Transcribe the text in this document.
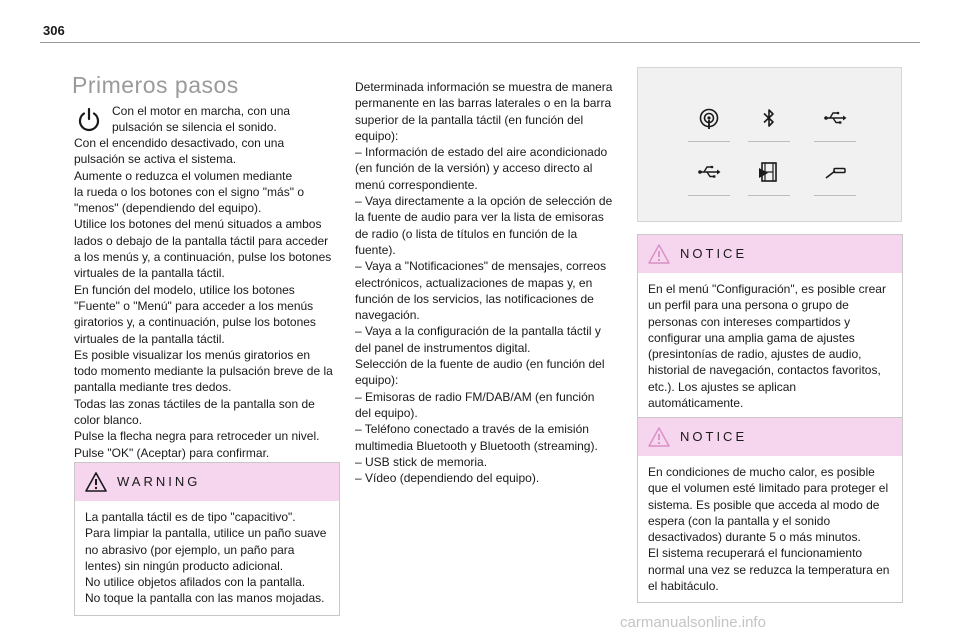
306
Primeros pasos

Con el motor en marcha, con una

pulsación se silencia el sonido.

Con el encendido desactivado, con una

pulsación se activa el sistema.

Aumente o reduzca el volumen mediante

la rueda o los botones con el signo "más" o

"menos" (dependiendo del equipo).

Utilice los botones del menú situados a ambos

lados o debajo de la pantalla táctil para acceder

a los menús y, a continuación, pulse los botones

virtuales de la pantalla táctil.

En función del modelo, utilice los botones

"Fuente" o "Menú" para acceder a los menús

giratorios y, a continuación, pulse los botones

virtuales de la pantalla táctil.

Es posible visualizar los menús giratorios en

todo momento mediante la pulsación breve de la

pantalla mediante tres dedos.

Todas las zonas táctiles de la pantalla son de

color blanco.

Pulse la flecha negra para retroceder un nivel.

Pulse "OK" (Aceptar) para confirmar.

WARNING

La pantalla táctil es de tipo "capacitivo".

Para limpiar la pantalla, utilice un paño suave

no abrasivo (por ejemplo, un paño para

lentes) sin ningún producto adicional.

No utilice objetos afilados con la pantalla.

No toque la pantalla con las manos mojadas.

Determinada información se muestra de manera

permanente en las barras laterales o en la barra

superior de la pantalla táctil (en función del

equipo):

– Información de estado del aire acondicionado

(en función de la versión) y acceso directo al

menú correspondiente.

– Vaya directamente a la opción de selección de

la fuente de audio para ver la lista de emisoras

de radio (o lista de títulos en función de la

fuente).

– Vaya a "Notificaciones" de mensajes, correos

electrónicos, actualizaciones de mapas y, en

función de los servicios, las notificaciones de

navegación.

– Vaya a la configuración de la pantalla táctil y

del panel de instrumentos digital.

Selección de la fuente de audio (en función del

equipo):

– Emisoras de radio FM/DAB/AM (en función

del equipo).

– Teléfono conectado a través de la emisión

multimedia Bluetooth y Bluetooth (streaming).

– USB stick de memoria.

– Vídeo (dependiendo del equipo).

NOTICE

En el menú "Configuración", es posible crear

un perfil para una persona o grupo de

personas con intereses compartidos y

configurar una amplia gama de ajustes

(presintonías de radio, ajustes de audio,

historial de navegación, contactos favoritos,

etc.). Los ajustes se aplican

automáticamente.

NOTICE

En condiciones de mucho calor, es posible

que el volumen esté limitado para proteger el

sistema. Es posible que acceda al modo de

espera (con la pantalla y el sonido

desactivados) durante 5 o más minutos.

El sistema recuperará el funcionamiento

normal una vez se reduzca la temperatura en

el habitáculo.

carmanualsonline.info
